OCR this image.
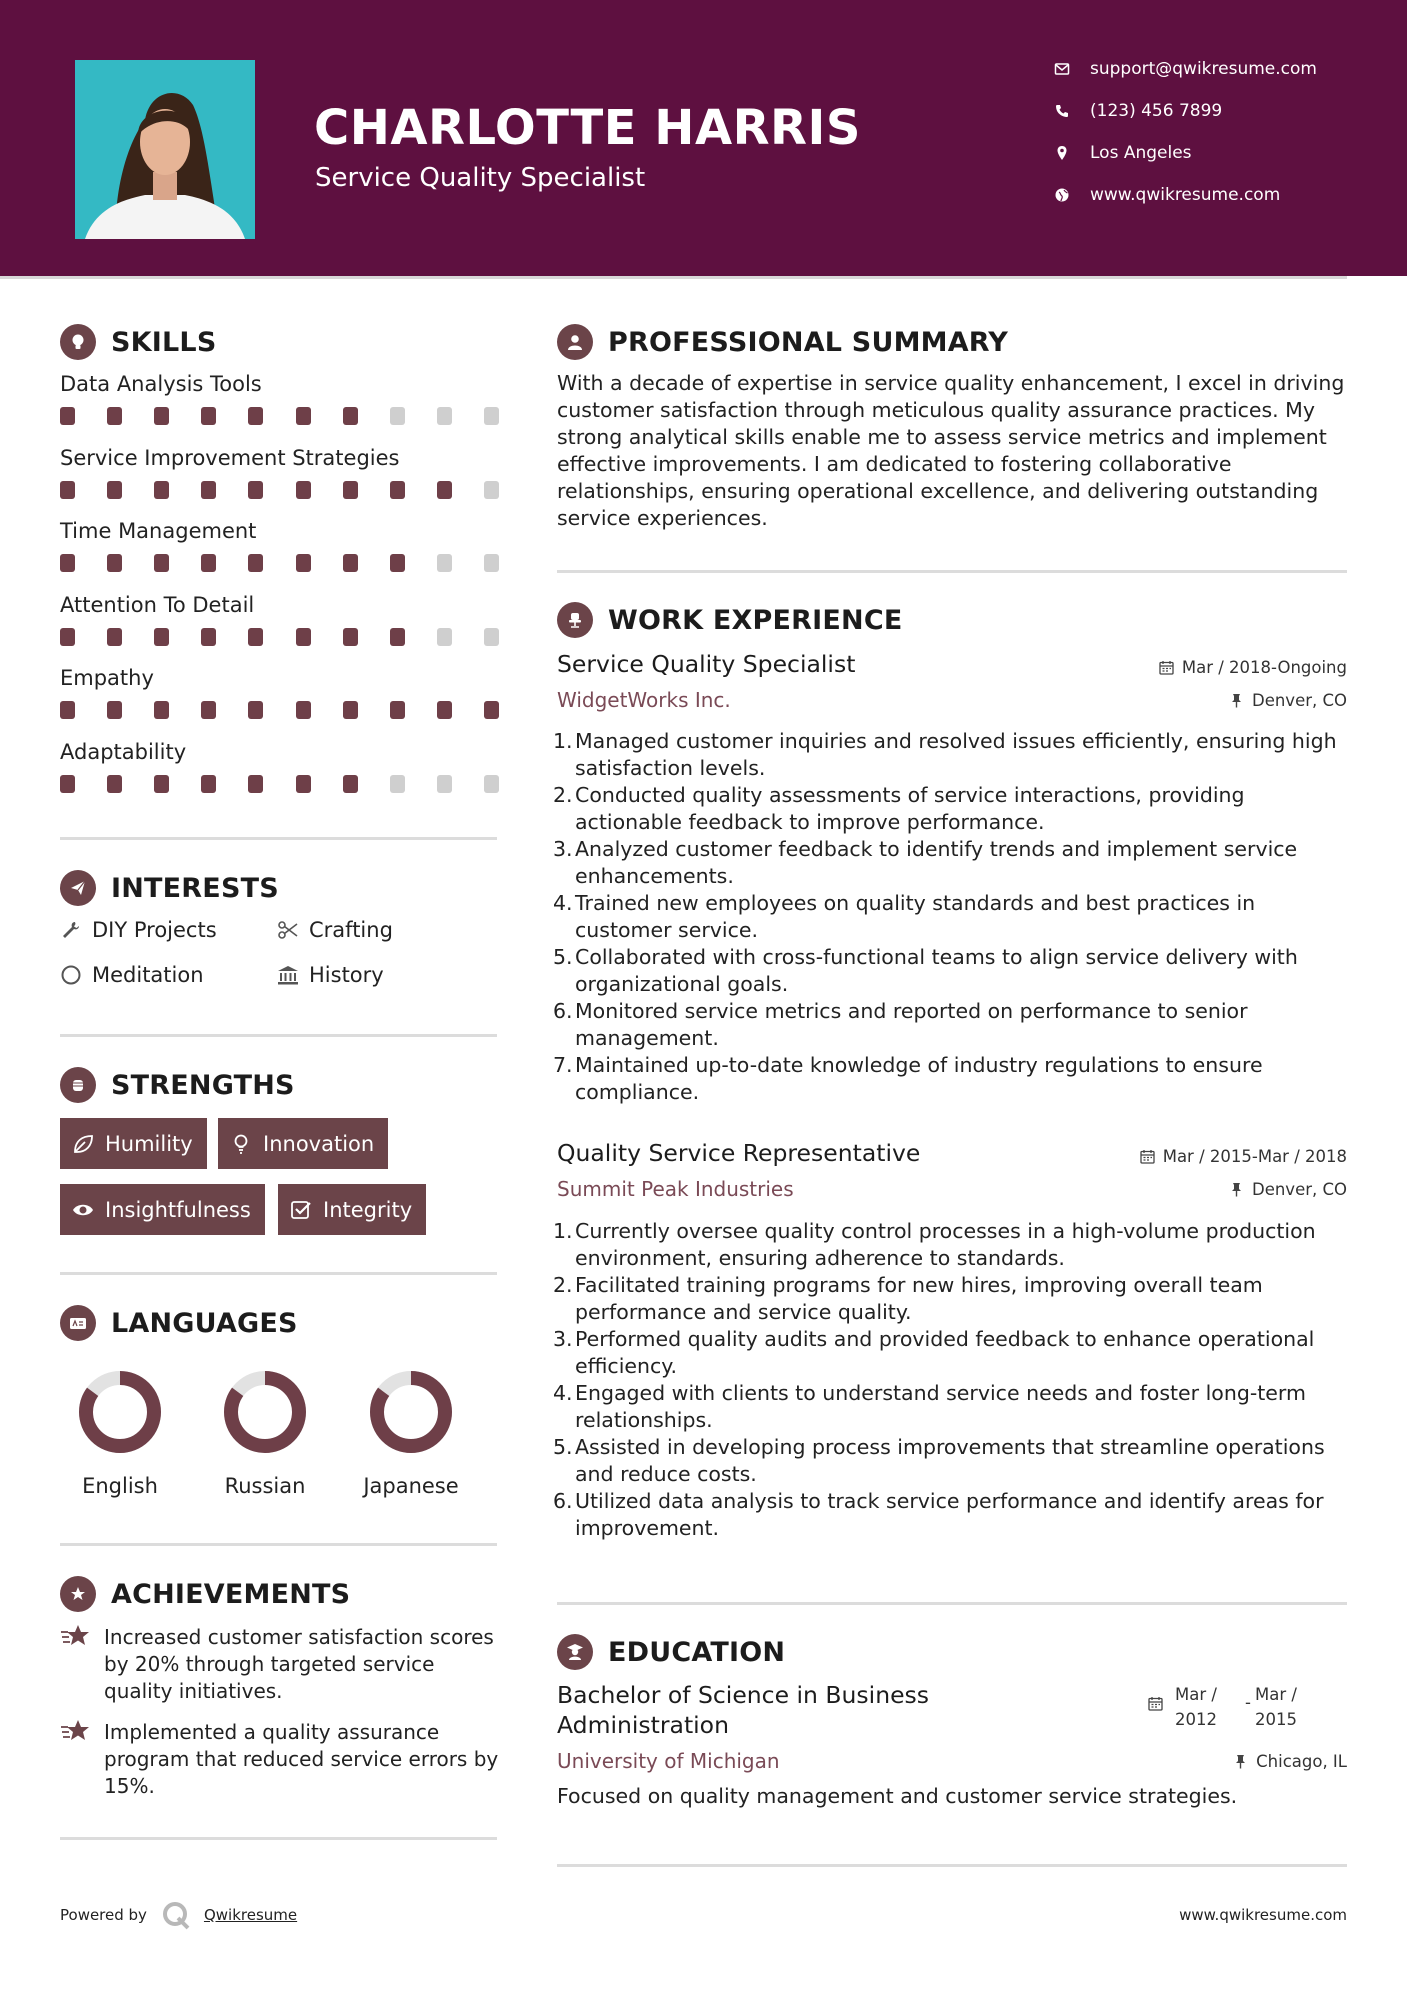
CHARLOTTE HARRIS
Service Quality Specialist
support@qwikresume.com
(123) 456 7899
Los Angeles
www.qwikresume.com
SKILLS
Data Analysis Tools
Service Improvement Strategies
Time Management
Attention To Detail
Empathy
Adaptability
INTERESTS
DIY Projects	Crafting
Meditation	History
STRENGTHS
Humility	Innovation
Insightfulness	Integrity
LANGUAGES
English	Russian	Japanese
ACHIEVEMENTS
Increased customer satisfaction scores by 20% through targeted service quality initiatives.
Implemented a quality assurance program that reduced service errors by 15%.
PROFESSIONAL SUMMARY
With a decade of expertise in service quality enhancement, I excel in driving customer satisfaction through meticulous quality assurance practices. My strong analytical skills enable me to assess service metrics and implement effective improvements. I am dedicated to fostering collaborative relationships, ensuring operational excellence, and delivering outstanding service experiences.
WORK EXPERIENCE
Service Quality Specialist	Mar / 2018-Ongoing
WidgetWorks Inc.	Denver, CO
1. Managed customer inquiries and resolved issues efficiently, ensuring high satisfaction levels.
2. Conducted quality assessments of service interactions, providing actionable feedback to improve performance.
3. Analyzed customer feedback to identify trends and implement service enhancements.
4. Trained new employees on quality standards and best practices in customer service.
5. Collaborated with cross-functional teams to align service delivery with organizational goals.
6. Monitored service metrics and reported on performance to senior management.
7. Maintained up-to-date knowledge of industry regulations to ensure compliance.
Quality Service Representative	Mar / 2015-Mar / 2018
Summit Peak Industries	Denver, CO
1. Currently oversee quality control processes in a high-volume production environment, ensuring adherence to standards.
2. Facilitated training programs for new hires, improving overall team performance and service quality.
3. Performed quality audits and provided feedback to enhance operational efficiency.
4. Engaged with clients to understand service needs and foster long-term relationships.
5. Assisted in developing process improvements that streamline operations and reduce costs.
6. Utilized data analysis to track service performance and identify areas for improvement.
EDUCATION
Bachelor of Science in Business Administration
Mar /
2012
- Mar /
2015
University of Michigan	Chicago, IL
Focused on quality management and customer service strategies.
Powered by	Qwikresume	www.qwikresume.com
